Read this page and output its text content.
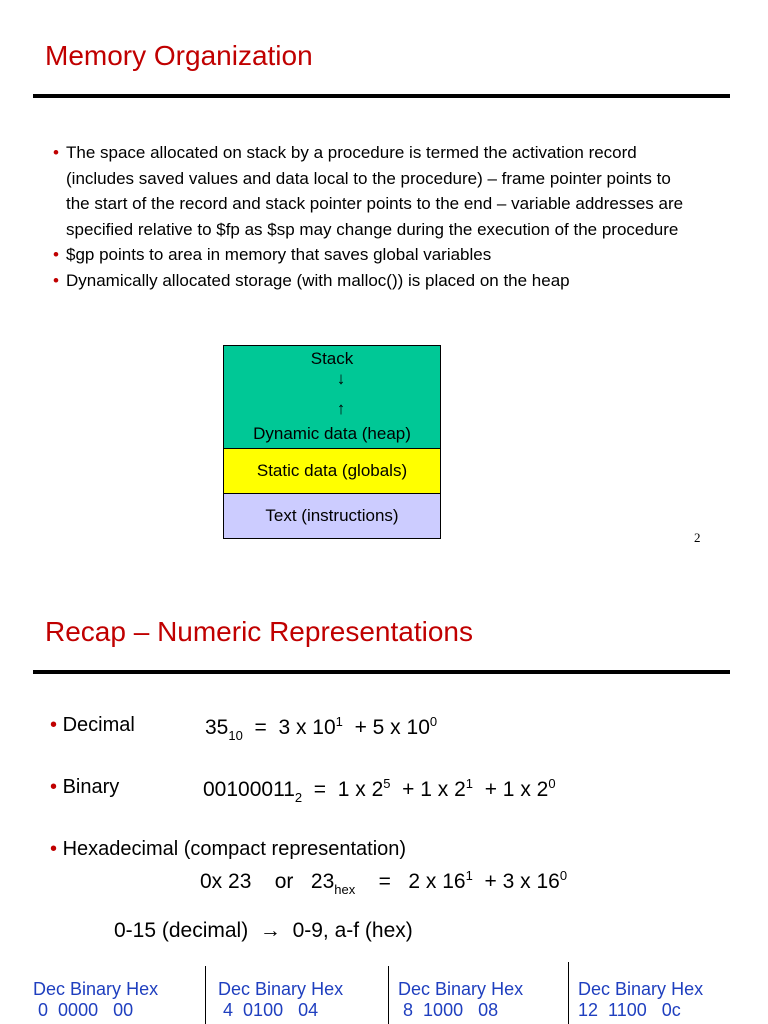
Memory Organization
• The space allocated on stack by a procedure is termed the activation record (includes saved values and data local to the procedure) – frame pointer points to the start of the record and stack pointer points to the end – variable addresses are specified relative to $fp as $sp may change during the execution of the procedure
• $gp points to area in memory that saves global variables
• Dynamically allocated storage (with malloc()) is placed on the heap
Stack
↓
↑
Dynamic data (heap)
Static data (globals)
Text (instructions)
2
Recap – Numeric Representations
• Decimal	$35_{10} = 3$ x $10^1 + 5$ x $10^0$
• Binary	$00100011_2 = 1$ x $2^5 + 1$ x $2^1 + 1$ x $2^0$
• Hexadecimal (compact representation)
0x 23 or $23_{hex} = 2$ x $16^1 + 3$ x $16^0$
0-15 (decimal) → 0-9, a-f (hex)
Dec Binary Hex
0 0000 00
Dec Binary Hex
4 0100 04
Dec Binary Hex
8 1000 08
Dec Binary Hex
12 1100 0c
